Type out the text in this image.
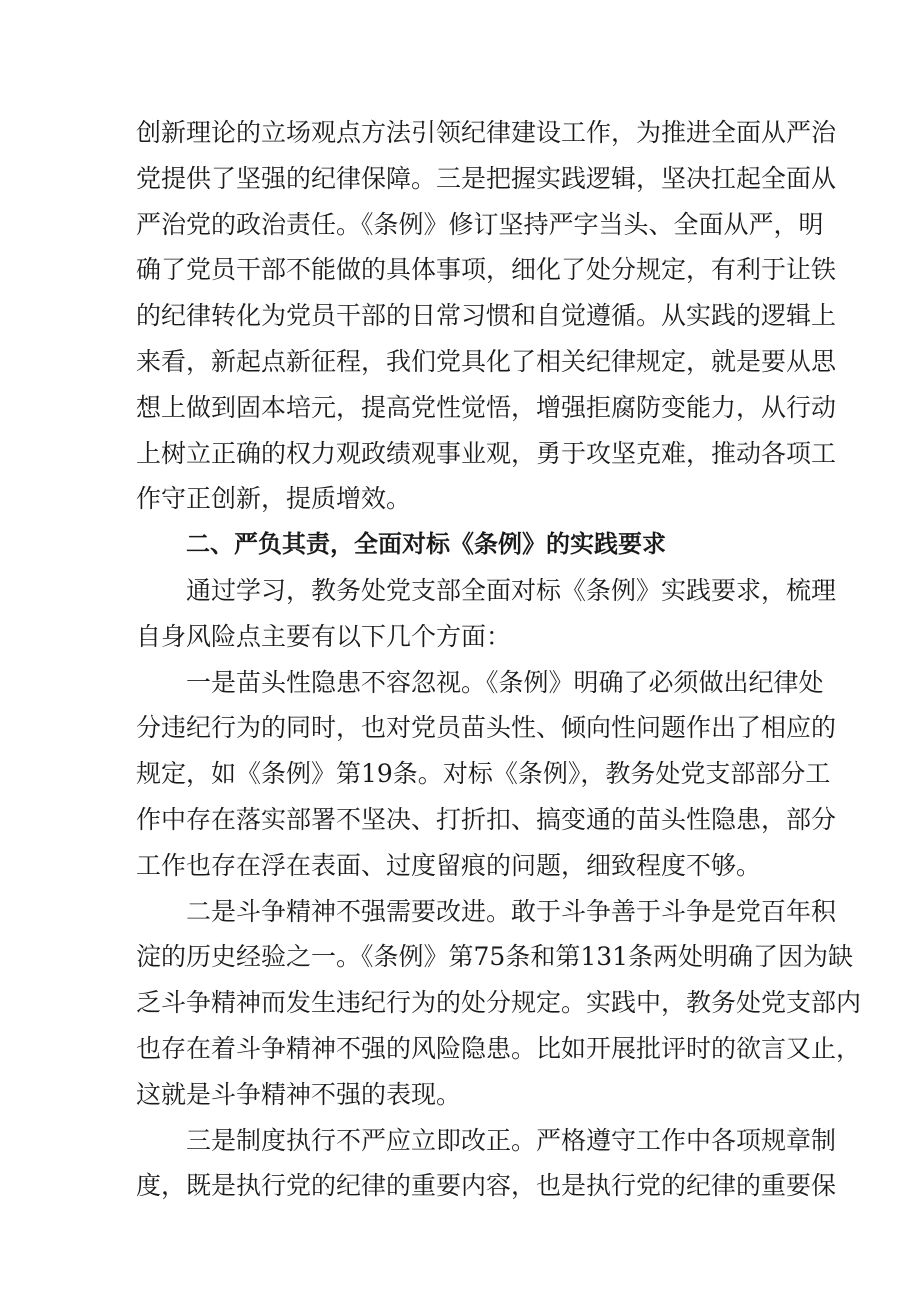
创新理论的立场观点方法引领纪律建设工作，为推进全面从严治
党提供了坚强的纪律保障。三是把握实践逻辑，坚决扛起全面从
严治党的政治责任。《条例》修订坚持严字当头、全面从严，明
确了党员干部不能做的具体事项，细化了处分规定，有利于让铁
的纪律转化为党员干部的日常习惯和自觉遵循。从实践的逻辑上
来看，新起点新征程，我们党具化了相关纪律规定，就是要从思
想上做到固本培元，提高党性觉悟，增强拒腐防变能力，从行动
上树立正确的权力观政绩观事业观，勇于攻坚克难，推动各项工
作守正创新，提质增效。
二、严负其责，全面对标《条例》的实践要求
通过学习，教务处党支部全面对标《条例》实践要求，梳理
自身风险点主要有以下几个方面：
一是苗头性隐患不容忽视。《条例》明确了必须做出纪律处
分违纪行为的同时，也对党员苗头性、倾向性问题作出了相应的
规定，如《条例》第19条。对标《条例》，教务处党支部部分工
作中存在落实部署不坚决、打折扣、搞变通的苗头性隐患，部分
工作也存在浮在表面、过度留痕的问题，细致程度不够。
二是斗争精神不强需要改进。敢于斗争善于斗争是党百年积
淀的历史经验之一。《条例》第75条和第131条两处明确了因为缺
乏斗争精神而发生违纪行为的处分规定。实践中，教务处党支部内
也存在着斗争精神不强的风险隐患。比如开展批评时的欲言又止，
这就是斗争精神不强的表现。
三是制度执行不严应立即改正。严格遵守工作中各项规章制
度，既是执行党的纪律的重要内容，也是执行党的纪律的重要保
